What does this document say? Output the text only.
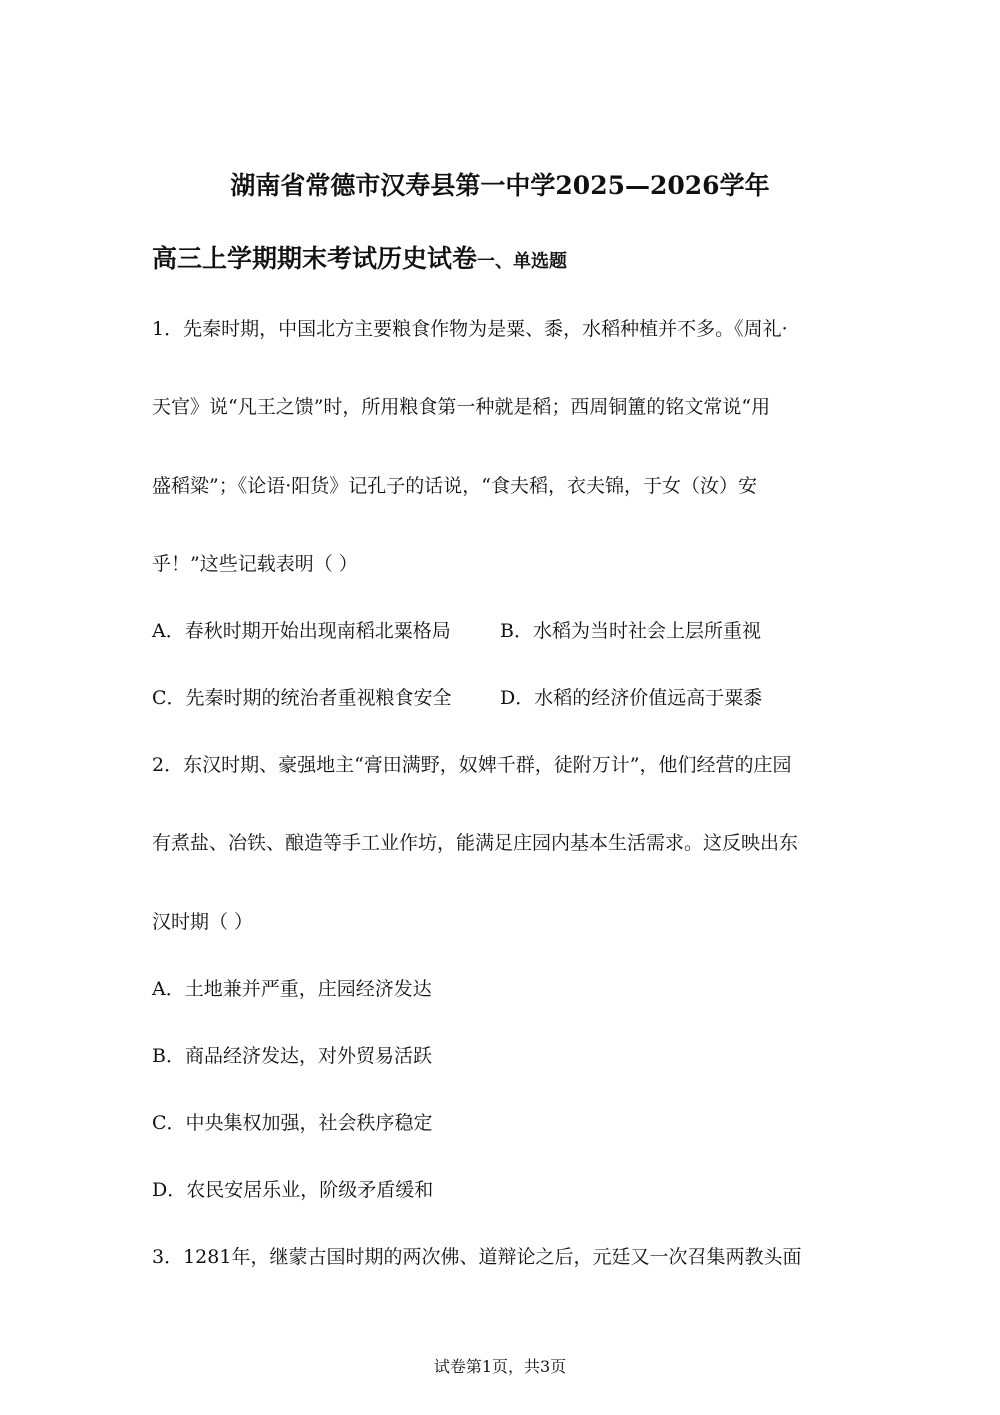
湖南省常德市汉寿县第一中学2025—2026学年
高三上学期期末考试历史试卷一、单选题
1．先秦时期，中国北方主要粮食作物为是粟、黍，水稻种植并不多。《周礼·
天官》说“凡王之馈”时，所用粮食第一种就是稻；西周铜簠的铭文常说“用
盛稻粱”；《论语·阳货》记孔子的话说，“食夫稻，衣夫锦，于女（汝）安
乎！”这些记载表明（ ）
A．春秋时期开始出现南稻北粟格局	B．水稻为当时社会上层所重视
C．先秦时期的统治者重视粮食安全	D．水稻的经济价值远高于粟黍
2．东汉时期、豪强地主“膏田满野，奴婢千群，徒附万计”，他们经营的庄园
有煮盐、冶铁、酿造等手工业作坊，能满足庄园内基本生活需求。这反映出东
汉时期（ ）
A．土地兼并严重，庄园经济发达
B．商品经济发达，对外贸易活跃
C．中央集权加强，社会秩序稳定
D．农民安居乐业，阶级矛盾缓和
3．1281年，继蒙古国时期的两次佛、道辩论之后，元廷又一次召集两教头面
试卷第1页，共3页
